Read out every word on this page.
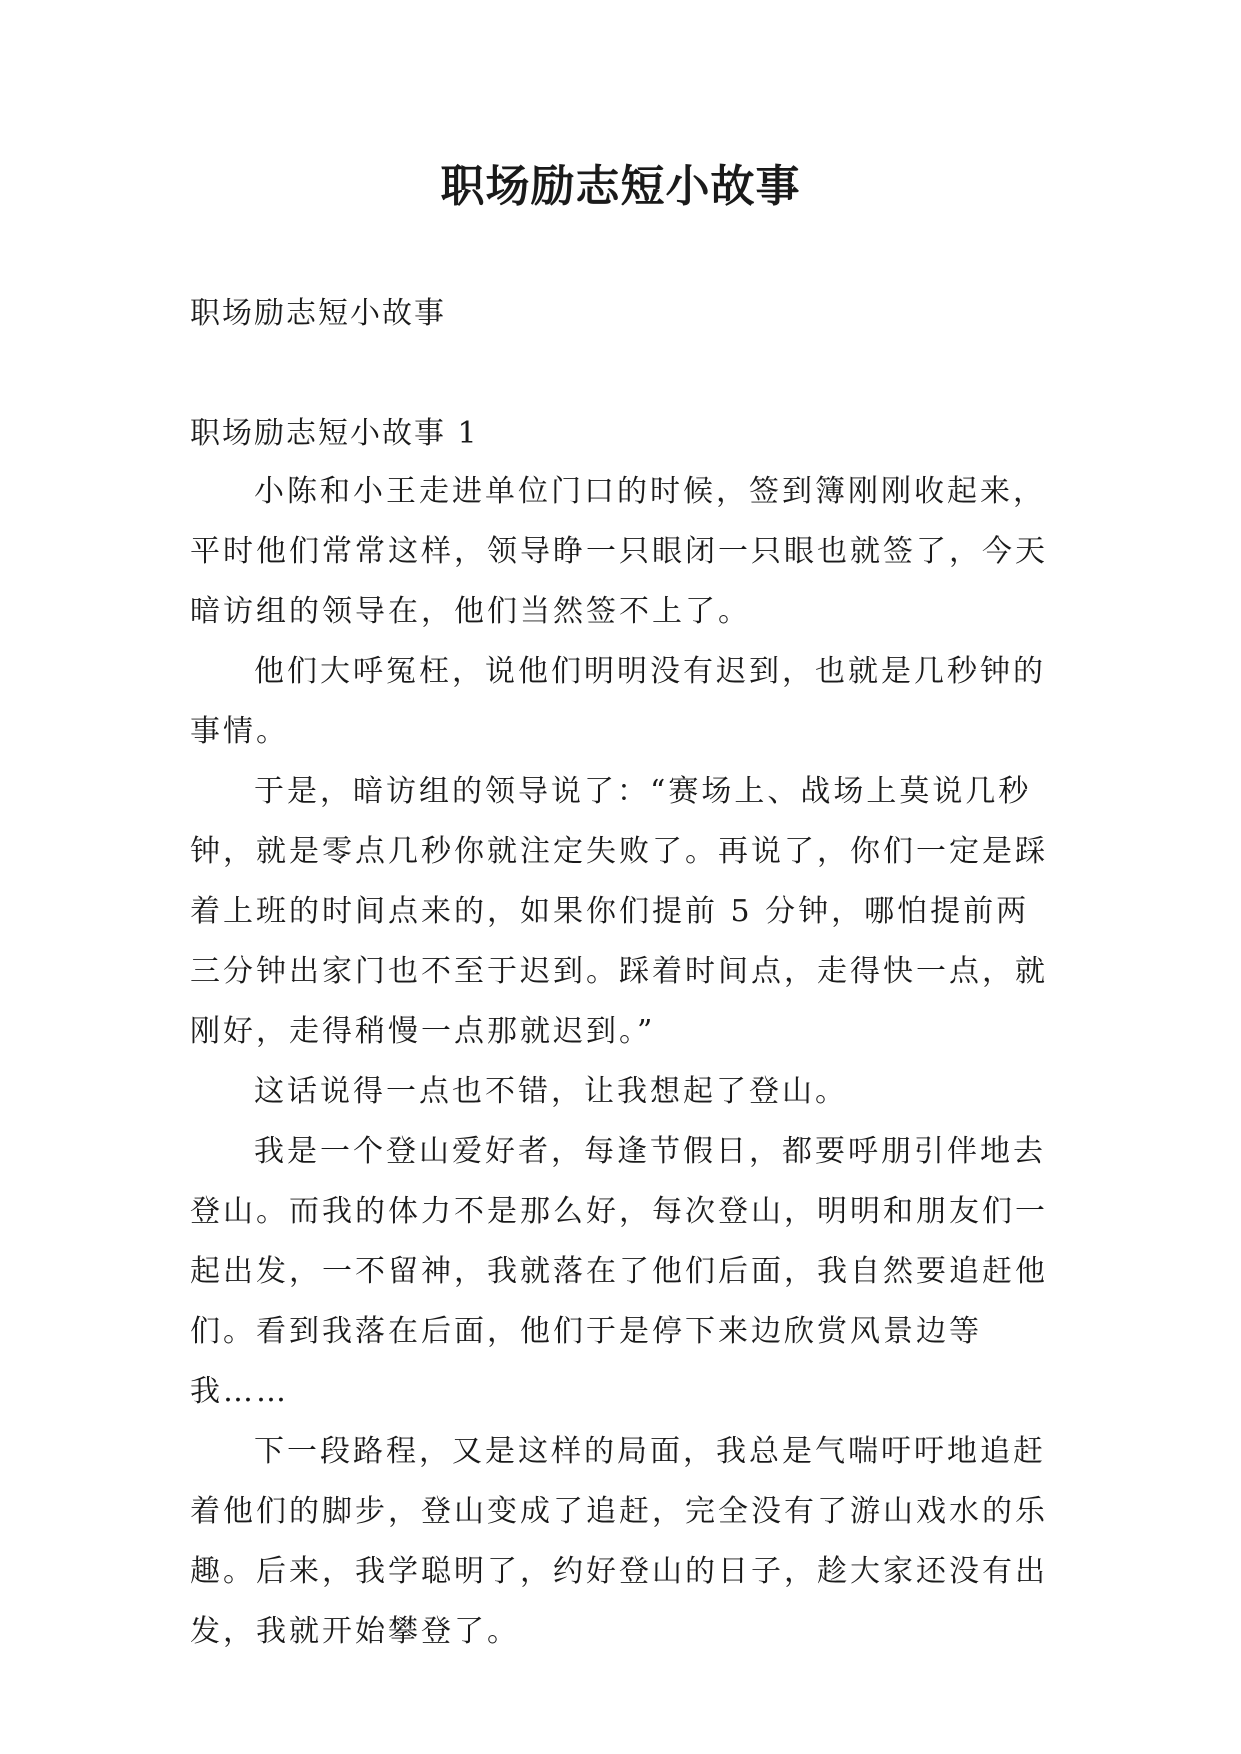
职场励志短小故事

职场励志短小故事

职场励志短小故事 1

小陈和小王走进单位门口的时候，签到簿刚刚收起来，平时他们常常这样，领导睁一只眼闭一只眼也就签了，今天暗访组的领导在，他们当然签不上了。

他们大呼冤枉，说他们明明没有迟到，也就是几秒钟的事情。

于是，暗访组的领导说了：“赛场上、战场上莫说几秒钟，就是零点几秒你就注定失败了。再说了，你们一定是踩着上班的时间点来的，如果你们提前 5 分钟，哪怕提前两三分钟出家门也不至于迟到。踩着时间点，走得快一点，就刚好，走得稍慢一点那就迟到。”

这话说得一点也不错，让我想起了登山。

我是一个登山爱好者，每逢节假日，都要呼朋引伴地去登山。而我的体力不是那么好，每次登山，明明和朋友们一起出发，一不留神，我就落在了他们后面，我自然要追赶他们。看到我落在后面，他们于是停下来边欣赏风景边等我……

下一段路程，又是这样的局面，我总是气喘吁吁地追赶着他们的脚步，登山变成了追赶，完全没有了游山戏水的乐趣。后来，我学聪明了，约好登山的日子，趁大家还没有出发，我就开始攀登了。
